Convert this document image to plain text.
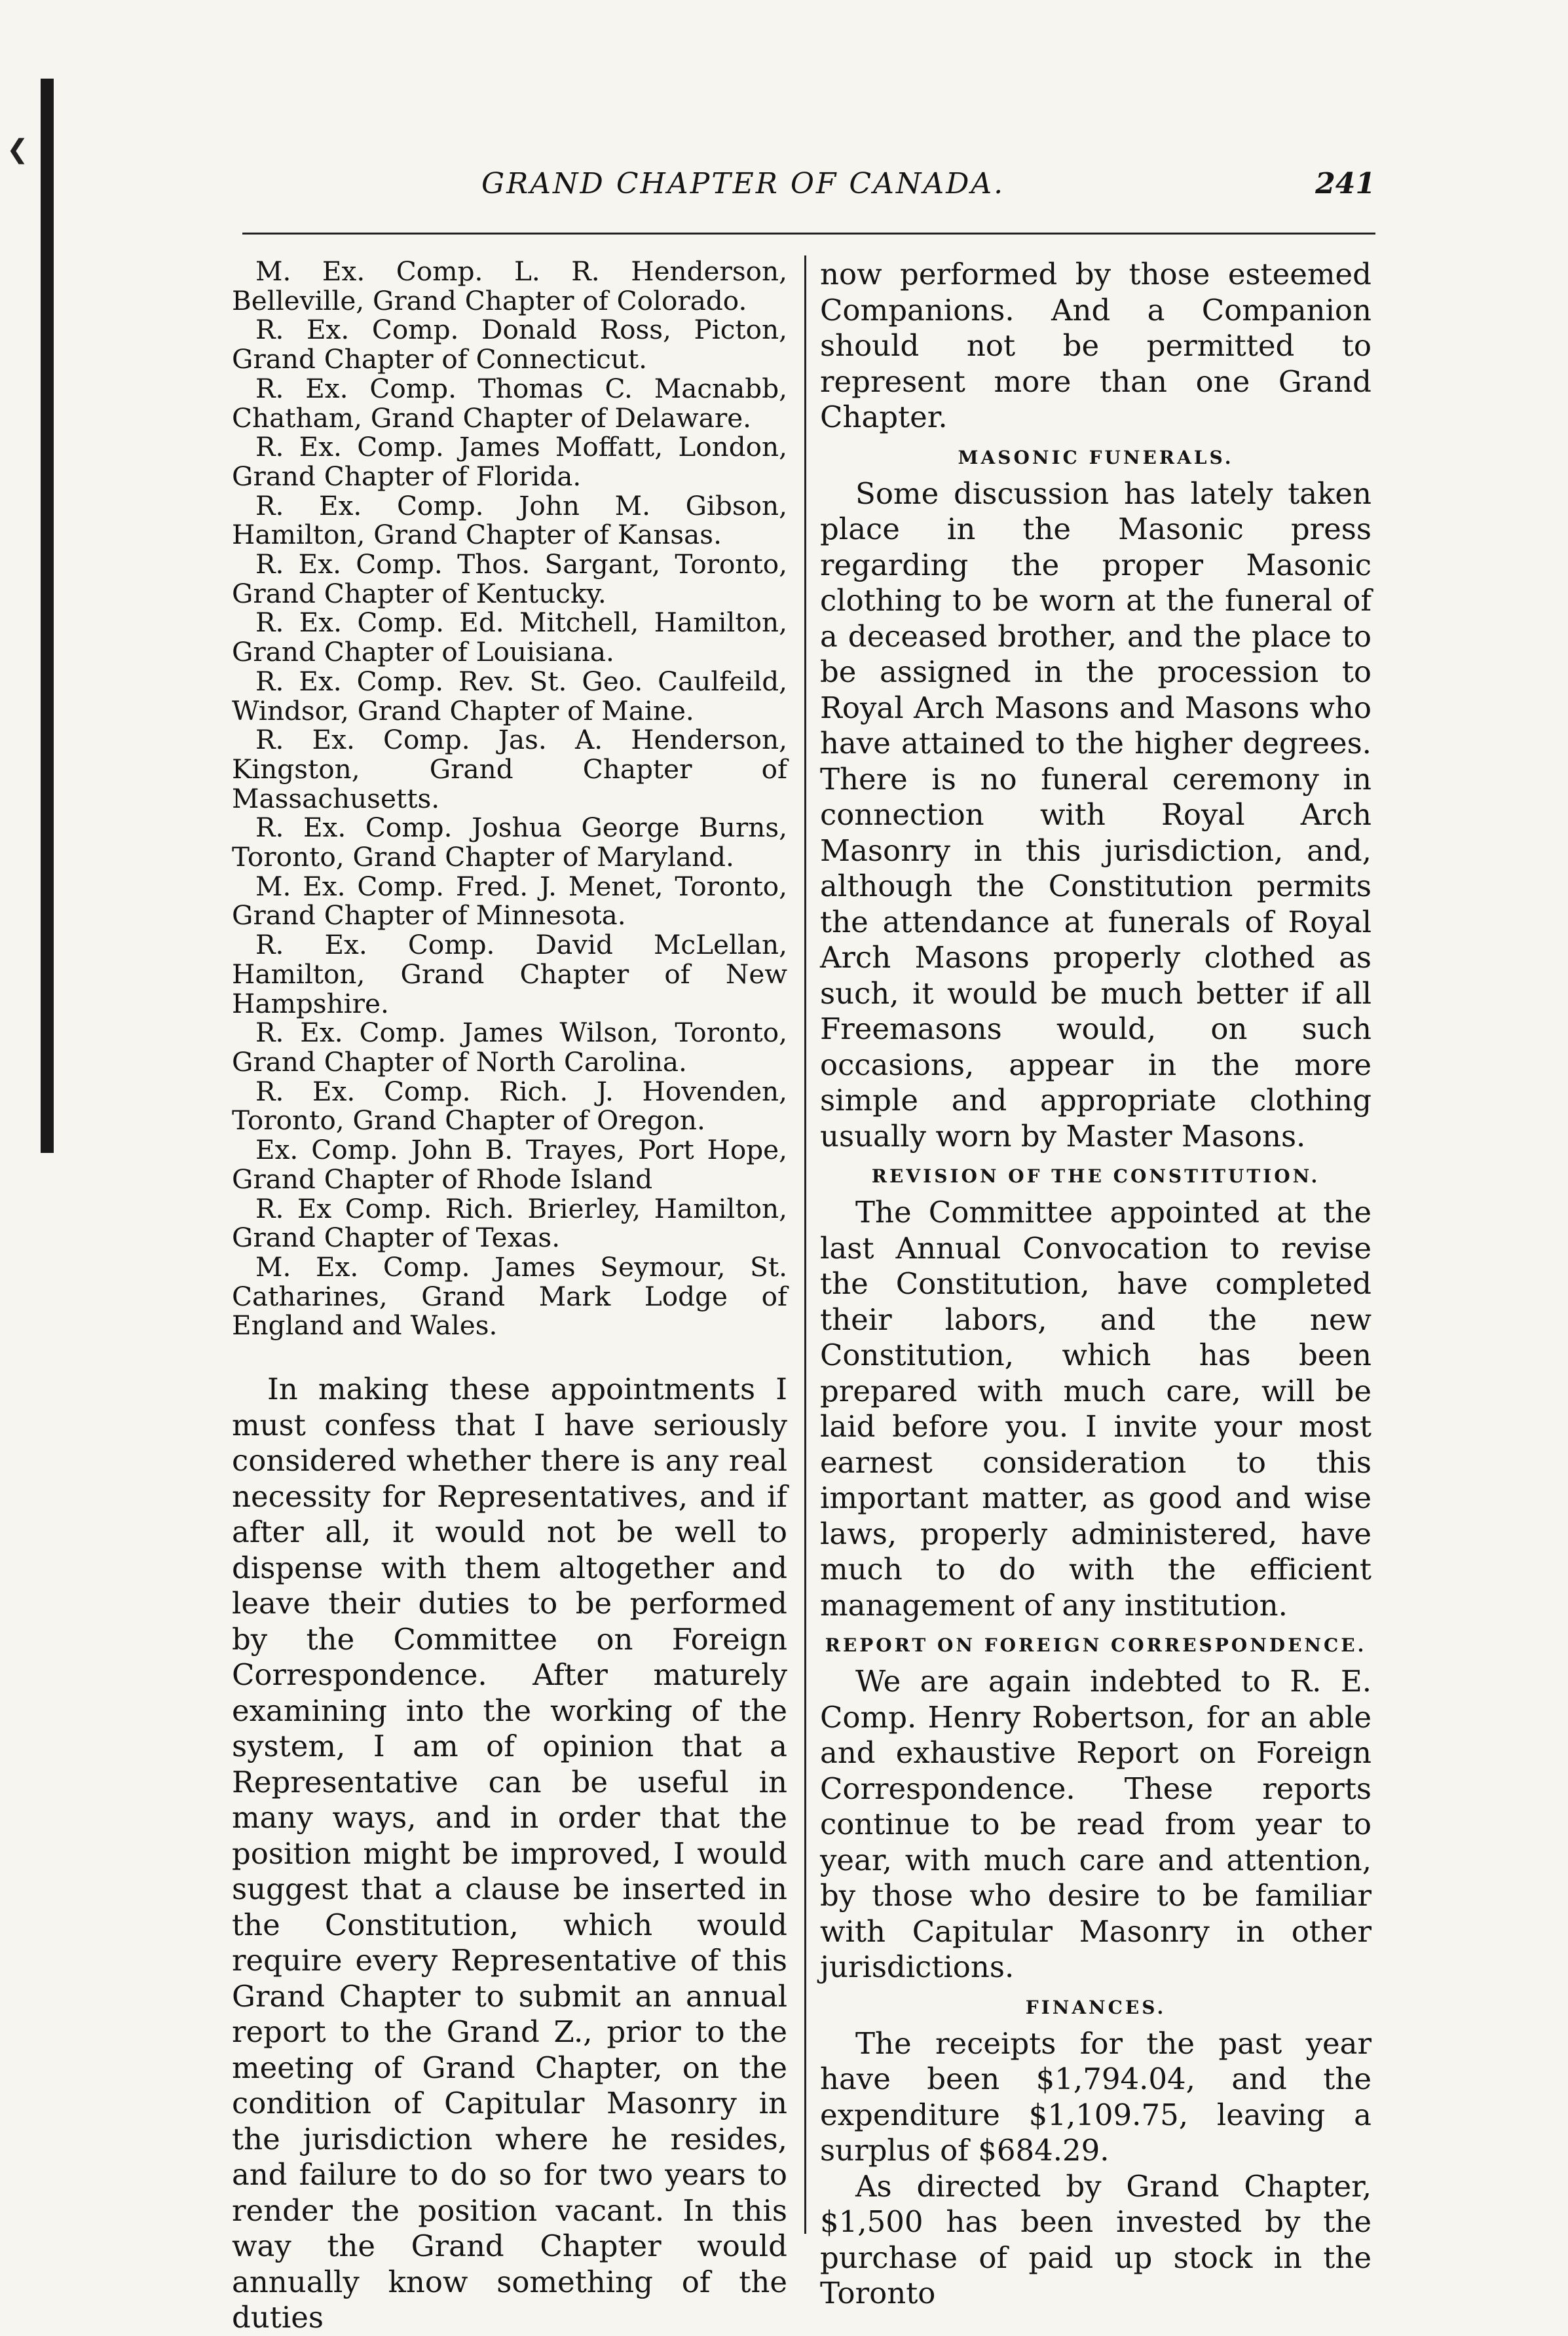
❮
GRAND CHAPTER OF CANADA.	241

M. Ex. Comp. L. R. Henderson, Belleville, Grand Chapter of Colorado.

R. Ex. Comp. Donald Ross, Picton, Grand Chapter of Connecticut.

R. Ex. Comp. Thomas C. Macnabb, Chatham, Grand Chapter of Delaware.

R. Ex. Comp. James Moffatt, London, Grand Chapter of Florida.

R. Ex. Comp. John M. Gibson, Hamilton, Grand Chapter of Kansas.

R. Ex. Comp. Thos. Sargant, Toronto, Grand Chapter of Kentucky.

R. Ex. Comp. Ed. Mitchell, Hamilton, Grand Chapter of Louisiana.

R. Ex. Comp. Rev. St. Geo. Caulfeild, Windsor, Grand Chapter of Maine.

R. Ex. Comp. Jas. A. Henderson, Kingston, Grand Chapter of Massachusetts.

R. Ex. Comp. Joshua George Burns, Toronto, Grand Chapter of Maryland.

M. Ex. Comp. Fred. J. Menet, Toronto, Grand Chapter of Minnesota.

R. Ex. Comp. David McLellan, Hamilton, Grand Chapter of New Hampshire.

R. Ex. Comp. James Wilson, Toronto, Grand Chapter of North Carolina.

R. Ex. Comp. Rich. J. Hovenden, Toronto, Grand Chapter of Oregon.

Ex. Comp. John B. Trayes, Port Hope, Grand Chapter of Rhode Island

R. Ex Comp. Rich. Brierley, Hamilton, Grand Chapter of Texas.

M. Ex. Comp. James Seymour, St. Catharines, Grand Mark Lodge of England and Wales.

In making these appointments I must confess that I have seriously considered whether there is any real necessity for Representatives, and if after all, it would not be well to dispense with them altogether and leave their duties to be performed by the Committee on Foreign Correspondence. After maturely examining into the working of the system, I am of opinion that a Representative can be useful in many ways, and in order that the position might be improved, I would suggest that a clause be inserted in the Constitution, which would require every Representative of this Grand Chapter to submit an annual report to the Grand Z., prior to the meeting of Grand Chapter, on the condition of Capitular Masonry in the jurisdiction where he resides, and failure to do so for two years to render the position vacant. In this way the Grand Chapter would annually know something of the duties

now performed by those esteemed Companions. And a Companion should not be permitted to represent more than one Grand Chapter.

MASONIC FUNERALS.

Some discussion has lately taken place in the Masonic press regarding the proper Masonic clothing to be worn at the funeral of a deceased brother, and the place to be assigned in the procession to Royal Arch Masons and Masons who have attained to the higher degrees. There is no funeral ceremony in connection with Royal Arch Masonry in this jurisdiction, and, although the Constitution permits the attendance at funerals of Royal Arch Masons properly clothed as such, it would be much better if all Freemasons would, on such occasions, appear in the more simple and appropriate clothing usually worn by Master Masons.

REVISION OF THE CONSTITUTION.

The Committee appointed at the last Annual Convocation to revise the Constitution, have completed their labors, and the new Constitution, which has been prepared with much care, will be laid before you. I invite your most earnest consideration to this important matter, as good and wise laws, properly administered, have much to do with the efficient management of any institution.

REPORT ON FOREIGN CORRESPONDENCE.

We are again indebted to R. E. Comp. Henry Robertson, for an able and exhaustive Report on Foreign Correspondence. These reports continue to be read from year to year, with much care and attention, by those who desire to be familiar with Capitular Masonry in other jurisdictions.

FINANCES.

The receipts for the past year have been $1,794.04, and the expenditure $1,109.75, leaving a surplus of $684.29.

As directed by Grand Chapter, $1,500 has been invested by the purchase of paid up stock in the Toronto
